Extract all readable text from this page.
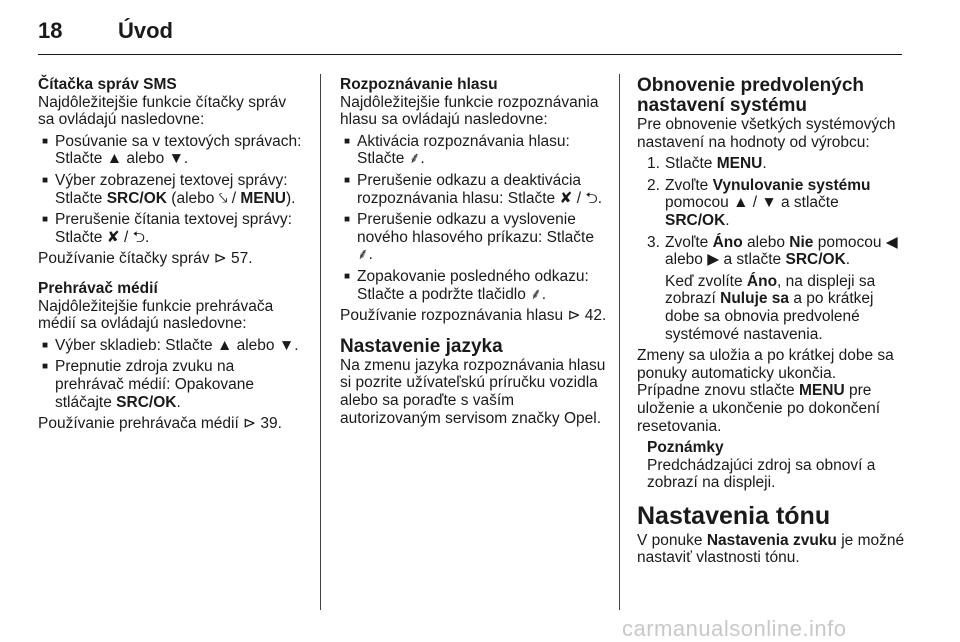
18	Úvod
Čítačka správ SMS

Najdôležitejšie funkcie čítačky správ sa ovládajú nasledovne:

■ Posúvanie sa v textových správach: Stlačte ▲ alebo ▼.
■ Výber zobrazenej textovej správy: Stlačte SRC/OK (alebo ⤥ / MENU).
■ Prerušenie čítania textovej správy: Stlačte ✘ / ⮌.

Používanie čítačky správ ⊳ 57.

Prehrávač médií

Najdôležitejšie funkcie prehrávača médií sa ovládajú nasledovne:

■ Výber skladieb: Stlačte ▲ alebo ▼.
■ Prepnutie zdroja zvuku na prehrávač médií: Opakovane stláčajte SRC/OK.

Používanie prehrávača médií ⊳ 39.

Rozpoznávanie hlasu

Najdôležitejšie funkcie rozpoznávania hlasu sa ovládajú nasledovne:

■ Aktivácia rozpoznávania hlasu: Stlačte ⸙.
■ Prerušenie odkazu a deaktivácia rozpoznávania hlasu: Stlačte ✘ / ⮌.
■ Prerušenie odkazu a vyslovenie nového hlasového príkazu: Stlačte ⸙.
■ Zopakovanie posledného odkazu: Stlačte a podržte tlačidlo ⸙.

Používanie rozpoznávania hlasu ⊳ 42.

Nastavenie jazyka

Na zmenu jazyka rozpoznávania hlasu si pozrite užívateľskú príručku vozidla alebo sa poraďte s vaším autorizovaným servisom značky Opel.

Obnovenie predvolených nastavení systému

Pre obnovenie všetkých systémových nastavení na hodnoty od výrobcu:

1. Stlačte MENU.
2. Zvoľte Vynulovanie systému pomocou ▲ / ▼ a stlačte SRC/OK.
3. Zvoľte Áno alebo Nie pomocou ◀ alebo ▶ a stlačte SRC/OK.

Keď zvolíte Áno, na displeji sa zobrazí Nuluje sa a po krátkej dobe sa obnovia predvolené systémové nastavenia.

Zmeny sa uložia a po krátkej dobe sa ponuky automaticky ukončia.

Prípadne znovu stlačte MENU pre uloženie a ukončenie po dokončení resetovania.

Poznámky

Predchádzajúci zdroj sa obnoví a zobrazí na displeji.

Nastavenia tónu

V ponuke Nastavenia zvuku je možné nastaviť vlastnosti tónu.

carmanualsonline.info
